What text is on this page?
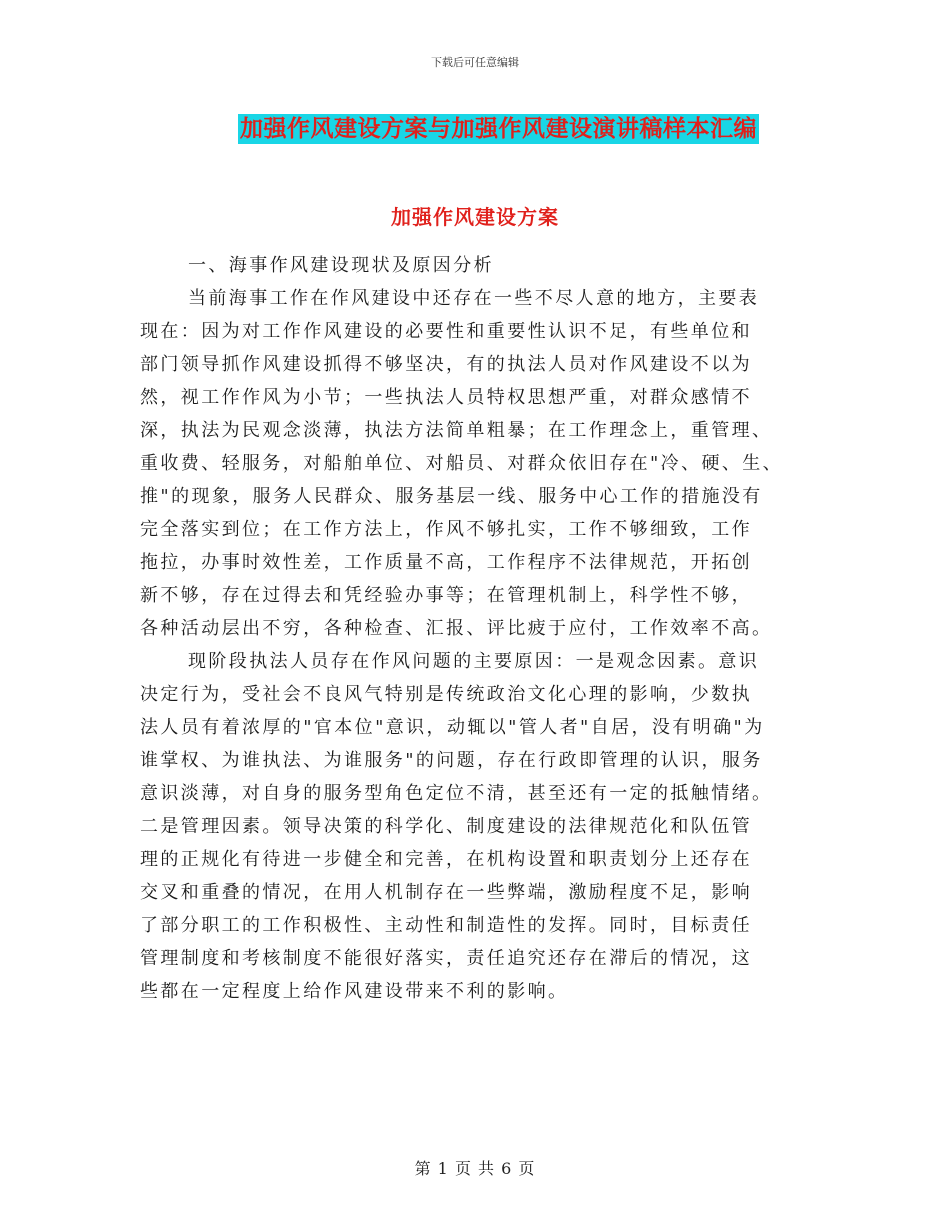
下载后可任意编辑
加强作风建设方案与加强作风建设演讲稿样本汇编
加强作风建设方案
一、海事作风建设现状及原因分析
当前海事工作在作风建设中还存在一些不尽人意的地方，主要表
现在：因为对工作作风建设的必要性和重要性认识不足，有些单位和
部门领导抓作风建设抓得不够坚决，有的执法人员对作风建设不以为
然，视工作作风为小节；一些执法人员特权思想严重，对群众感情不
深，执法为民观念淡薄，执法方法简单粗暴；在工作理念上，重管理、
重收费、轻服务，对船舶单位、对船员、对群众依旧存在"冷、硬、生、
推"的现象，服务人民群众、服务基层一线、服务中心工作的措施没有
完全落实到位；在工作方法上，作风不够扎实，工作不够细致，工作
拖拉，办事时效性差，工作质量不高，工作程序不法律规范，开拓创
新不够，存在过得去和凭经验办事等；在管理机制上，科学性不够，
各种活动层出不穷，各种检查、汇报、评比疲于应付，工作效率不高。
现阶段执法人员存在作风问题的主要原因：一是观念因素。意识
决定行为，受社会不良风气特别是传统政治文化心理的影响，少数执
法人员有着浓厚的"官本位"意识，动辄以"管人者"自居，没有明确"为
谁掌权、为谁执法、为谁服务"的问题，存在行政即管理的认识，服务
意识淡薄，对自身的服务型角色定位不清，甚至还有一定的抵触情绪。
二是管理因素。领导决策的科学化、制度建设的法律规范化和队伍管
理的正规化有待进一步健全和完善，在机构设置和职责划分上还存在
交叉和重叠的情况，在用人机制存在一些弊端，激励程度不足，影响
了部分职工的工作积极性、主动性和制造性的发挥。同时，目标责任
管理制度和考核制度不能很好落实，责任追究还存在滞后的情况，这
些都在一定程度上给作风建设带来不利的影响。
第 1 页 共 6 页
